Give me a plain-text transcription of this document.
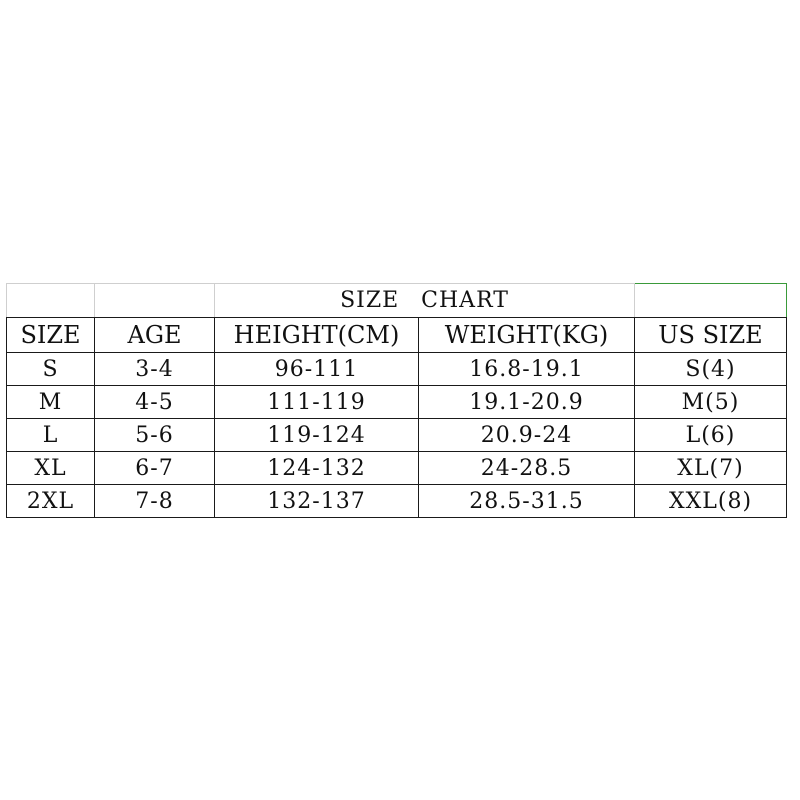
		SIZE CHART		
SIZE	AGE	HEIGHT(CM)	WEIGHT(KG)	US SIZE
S	3-4	96-111	16.8-19.1	S(4)
M	4-5	111-119	19.1-20.9	M(5)
L	5-6	119-124	20.9-24	L(6)
XL	6-7	124-132	24-28.5	XL(7)
2XL	7-8	132-137	28.5-31.5	XXL(8)
